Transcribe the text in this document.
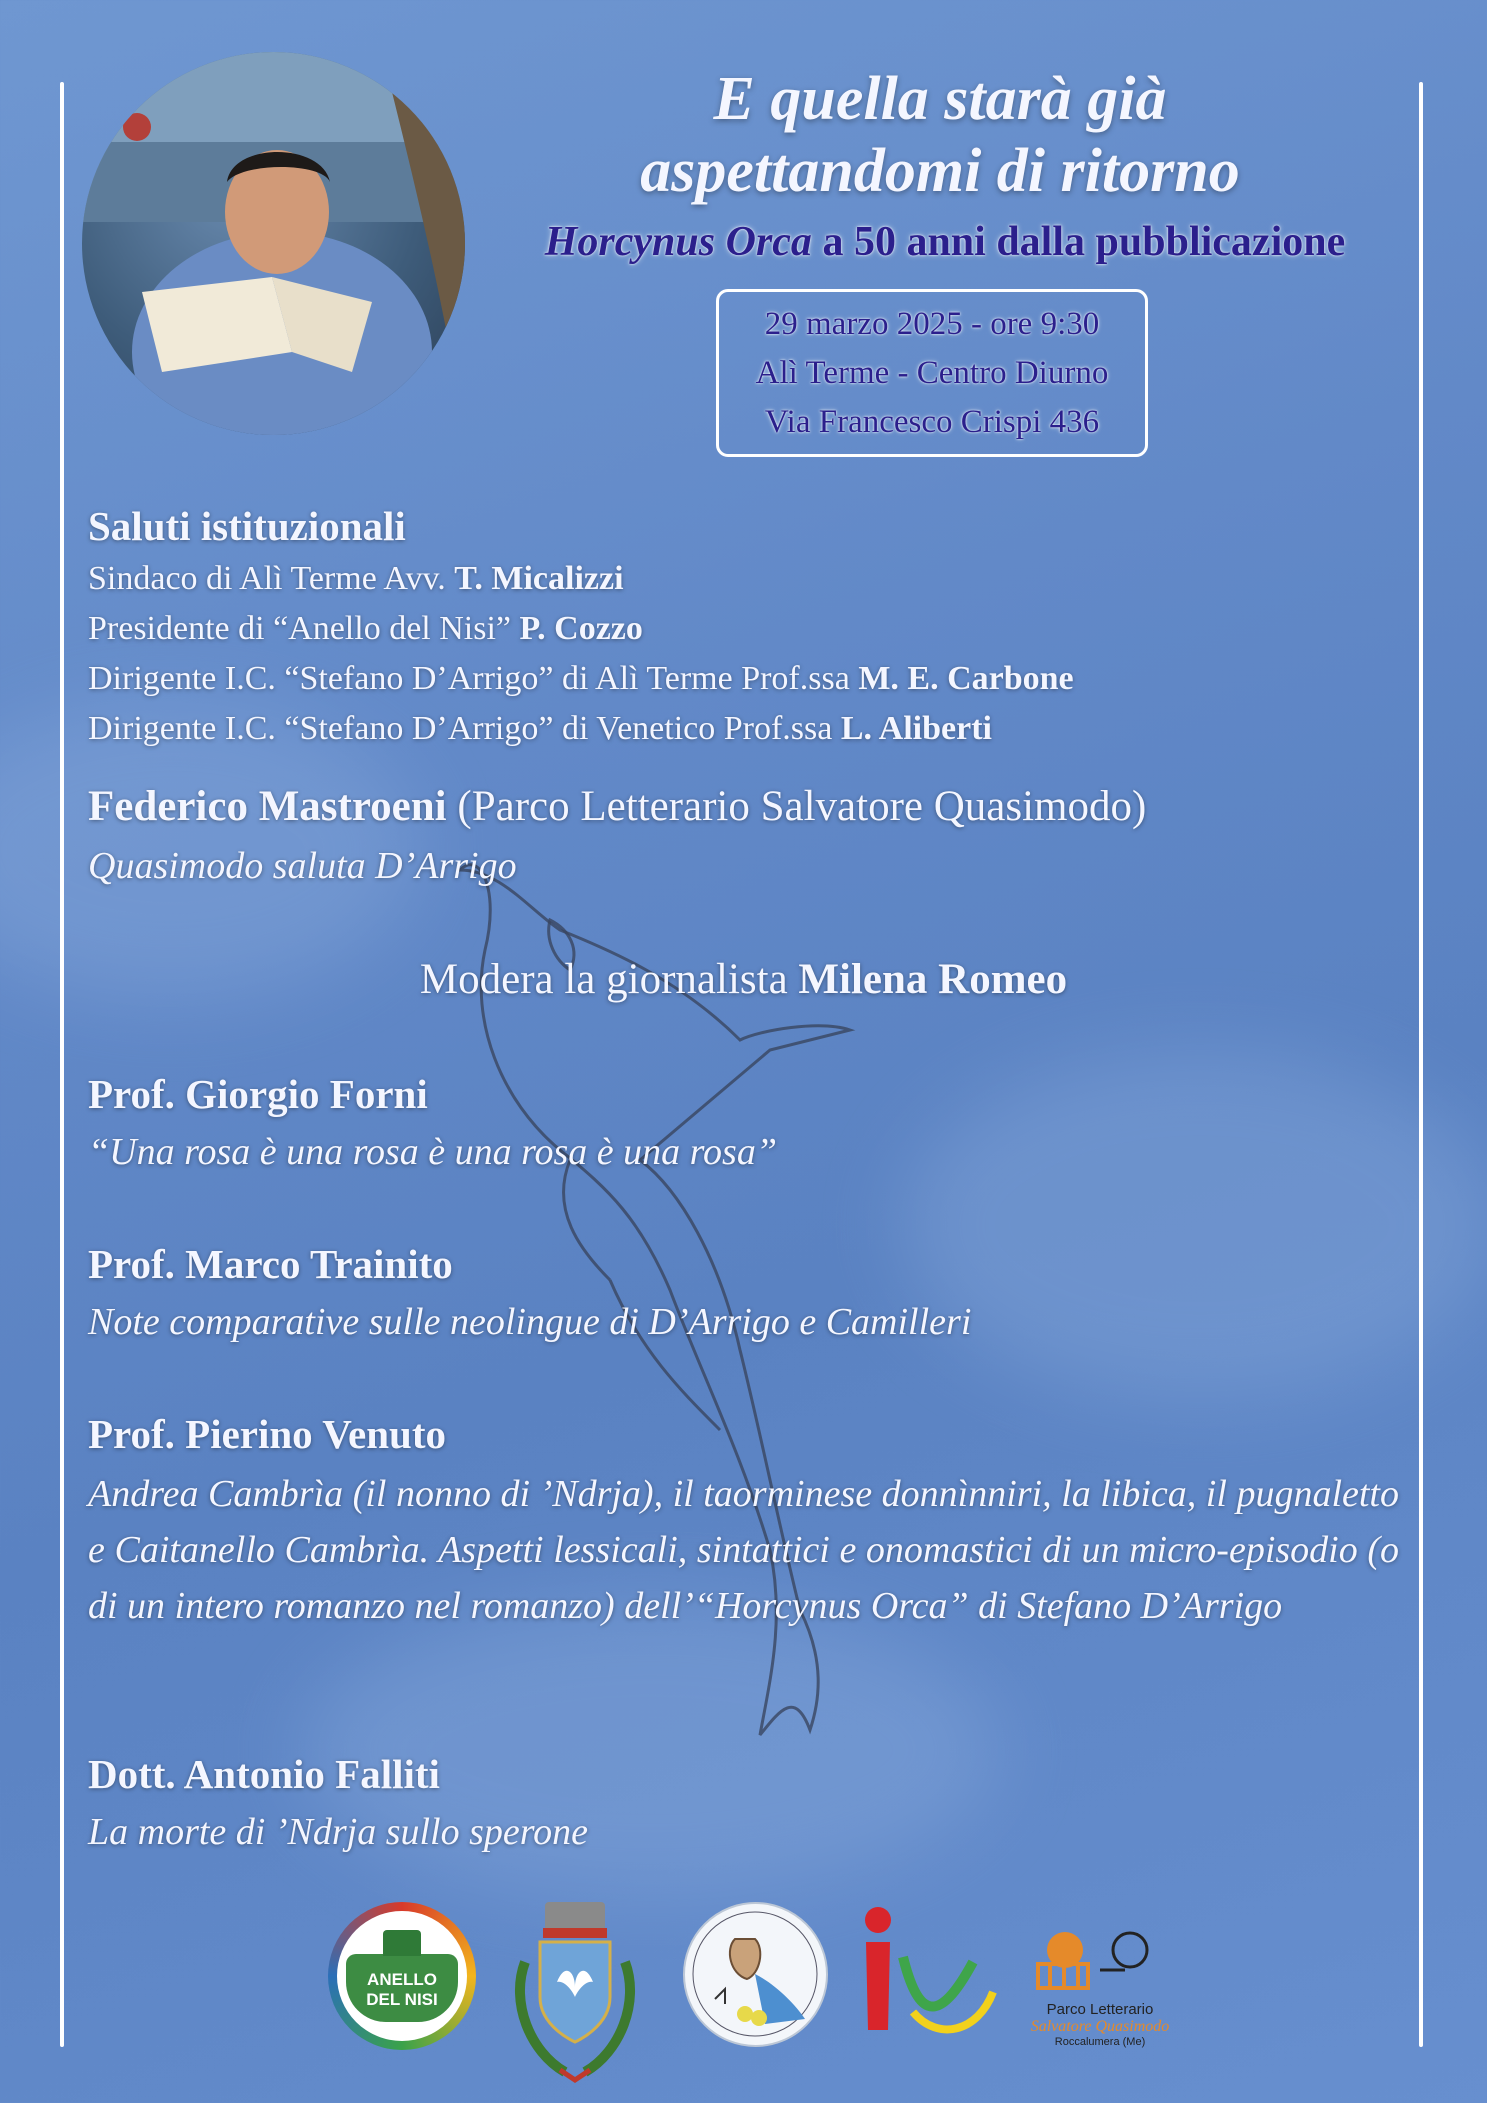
E quella starà già
aspettandomi di ritorno
Horcynus Orca a 50 anni dalla pubblicazione
29 marzo 2025 - ore 9:30
Alì Terme - Centro Diurno
Via Francesco Crispi 436
Saluti istituzionali
Sindaco di Alì Terme Avv. T. Micalizzi
Presidente di “Anello del Nisi” P. Cozzo
Dirigente I.C. “Stefano D’Arrigo” di Alì Terme Prof.ssa M. E. Carbone
Dirigente I.C. “Stefano D’Arrigo” di Venetico Prof.ssa L. Aliberti
Federico Mastroeni (Parco Letterario Salvatore Quasimodo)
Quasimodo saluta D’Arrigo
Modera la giornalista Milena Romeo
Prof. Giorgio Forni
“Una rosa è una rosa è una rosa è una rosa”
Prof. Marco Trainito
Note comparative sulle neolingue di D’Arrigo e Camilleri
Prof. Pierino Venuto
Andrea Cambrìa (il nonno di ’Ndrja), il taorminese donnìnniri, la libica, il pugnaletto e Caitanello Cambrìa. Aspetti lessicali, sintattici e onomastici di un micro-episodio (o di un intero romanzo nel romanzo) dell’“Horcynus Orca” di Stefano D’Arrigo
Dott. Antonio Falliti
La morte di ’Ndrja sullo sperone
ANELLO
DEL NISI
Parco Letterario
Salvatore Quasimodo
Roccalumera (Me)
